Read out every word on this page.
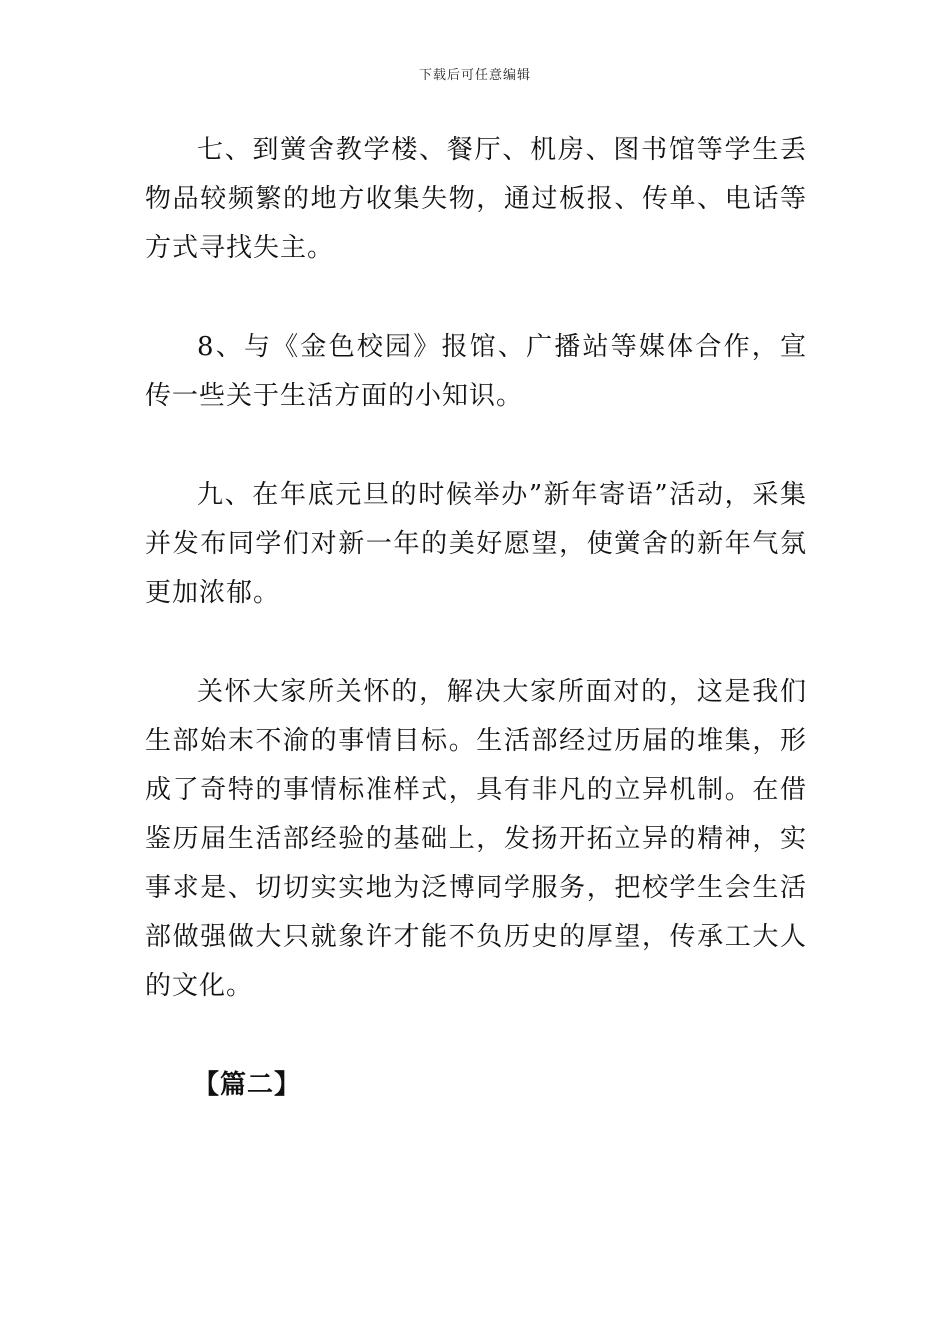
下载后可任意编辑

七、到黉舍教学楼、餐厅、机房、图书馆等学生丢物品较频繁的地方收集失物，通过板报、传单、电话等方式寻找失主。

8、与《金色校园》报馆、广播站等媒体合作，宣传一些关于生活方面的小知识。

九、在年底元旦的时候举办”新年寄语”活动，采集并发布同学们对新一年的美好愿望，使黉舍的新年气氛更加浓郁。

关怀大家所关怀的，解决大家所面对的，这是我们生部始末不渝的事情目标。生活部经过历届的堆集，形成了奇特的事情标准样式，具有非凡的立异机制。在借鉴历届生活部经验的基础上，发扬开拓立异的精神，实事求是、切切实实地为泛博同学服务，把校学生会生活部做强做大只就象许才能不负历史的厚望，传承工大人的文化。

【篇二】
